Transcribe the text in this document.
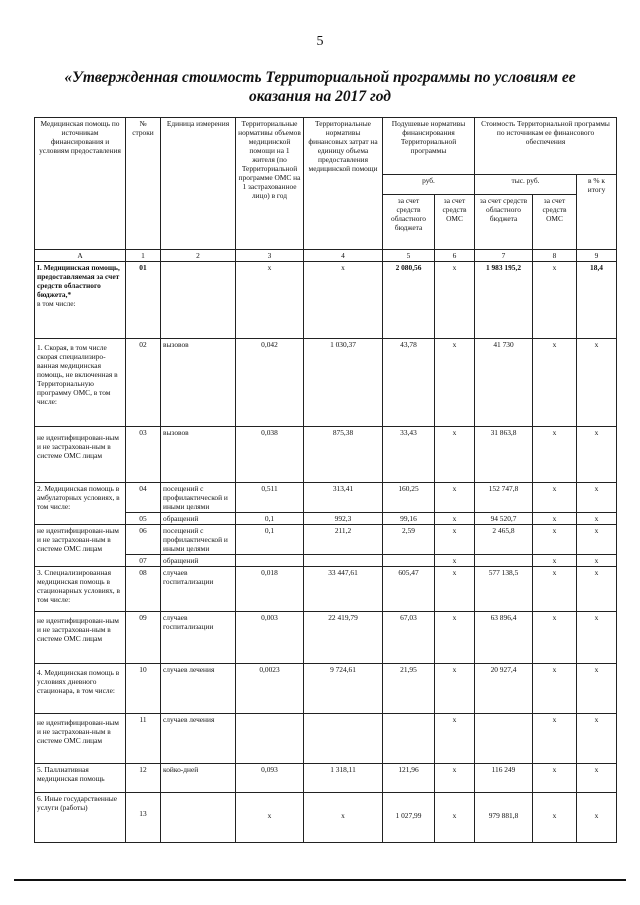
5
«Утвержденная стоимость Территориальной программы по условиям ее оказания на 2017 год
Медицинская помощь по источникам финансирования и условиям предоставления	№ строки	Единица измерения	Территориальные нормативы объемов медицинской помощи на 1 жителя (по Территориальной программе ОМС на 1 застрахованное лицо) в год	Территориальные нормативы финансовых затрат на единицу объема предоставления медицинской помощи	Подушевые нормативы финансирования Территориальной программы		Стоимость Территориальной программы по источникам ее финансового обеспечения		
					руб.		тыс. руб.		в % к итогу
					за счет средств областного бюджета	за счет средств ОМС	за счет средств областного бюджета	за счет средств ОМС	
А	1	2	3	4	5	6	7	8	9
I. Медицинская помощь, предоставляемая за счет средств областного бюджета,*
в том числе:	01		х	х	2 080,56	х	1 983 195,2	х	18,4
1. Скорая, в том числе скорая специализиро-ванная медицинская помощь, не включенная в Территориальную программу ОМС, в том числе:	02	вызовов	0,042	1 030,37	43,78	х	41 730	х	х
не идентифицирован-ным и не застрахован-ным в системе ОМС лицам	03	вызовов	0,038	875,38	33,43	х	31 863,8	х	х
2. Медицинская помощь в амбулаторных условиях, в том числе:	04	посещений с профилактической и иными целями	0,511	313,41	160,25	х	152 747,8	х	х
	05	обращений	0,1	992,3	99,16	х	94 520,7	х	х
не идентифицирован-ным и не застрахован-ным в системе ОМС лицам	06	посещений с профилактической и иными целями	0,1	211,2	2,59	х	2 465,8	х	х
	07	обращений				х		х	х
3. Специализированная медицинская помощь в стационарных условиях, в том числе:	08	случаев госпитализации	0,018	33 447,61	605,47	х	577 138,5	х	х
не идентифицирован-ным и не застрахован-ным в системе ОМС лицам	09	случаев госпитализации	0,003	22 419,79	67,03	х	63 896,4	х	х
4. Медицинская помощь в условиях дневного стационара, в том числе:	10	случаев лечения	0,0023	9 724,61	21,95	х	20 927,4	х	х
не идентифицирован-ным и не застрахован-ным в системе ОМС лицам	11	случаев лечения				х		х	х
5. Паллиативная медицинская помощь	12	койко-дней	0,093	1 318,11	121,96	х	116 249	х	х
6. Иные государственные услуги (работы)	13		х	х	1 027,99	х	979 881,8	х	х
